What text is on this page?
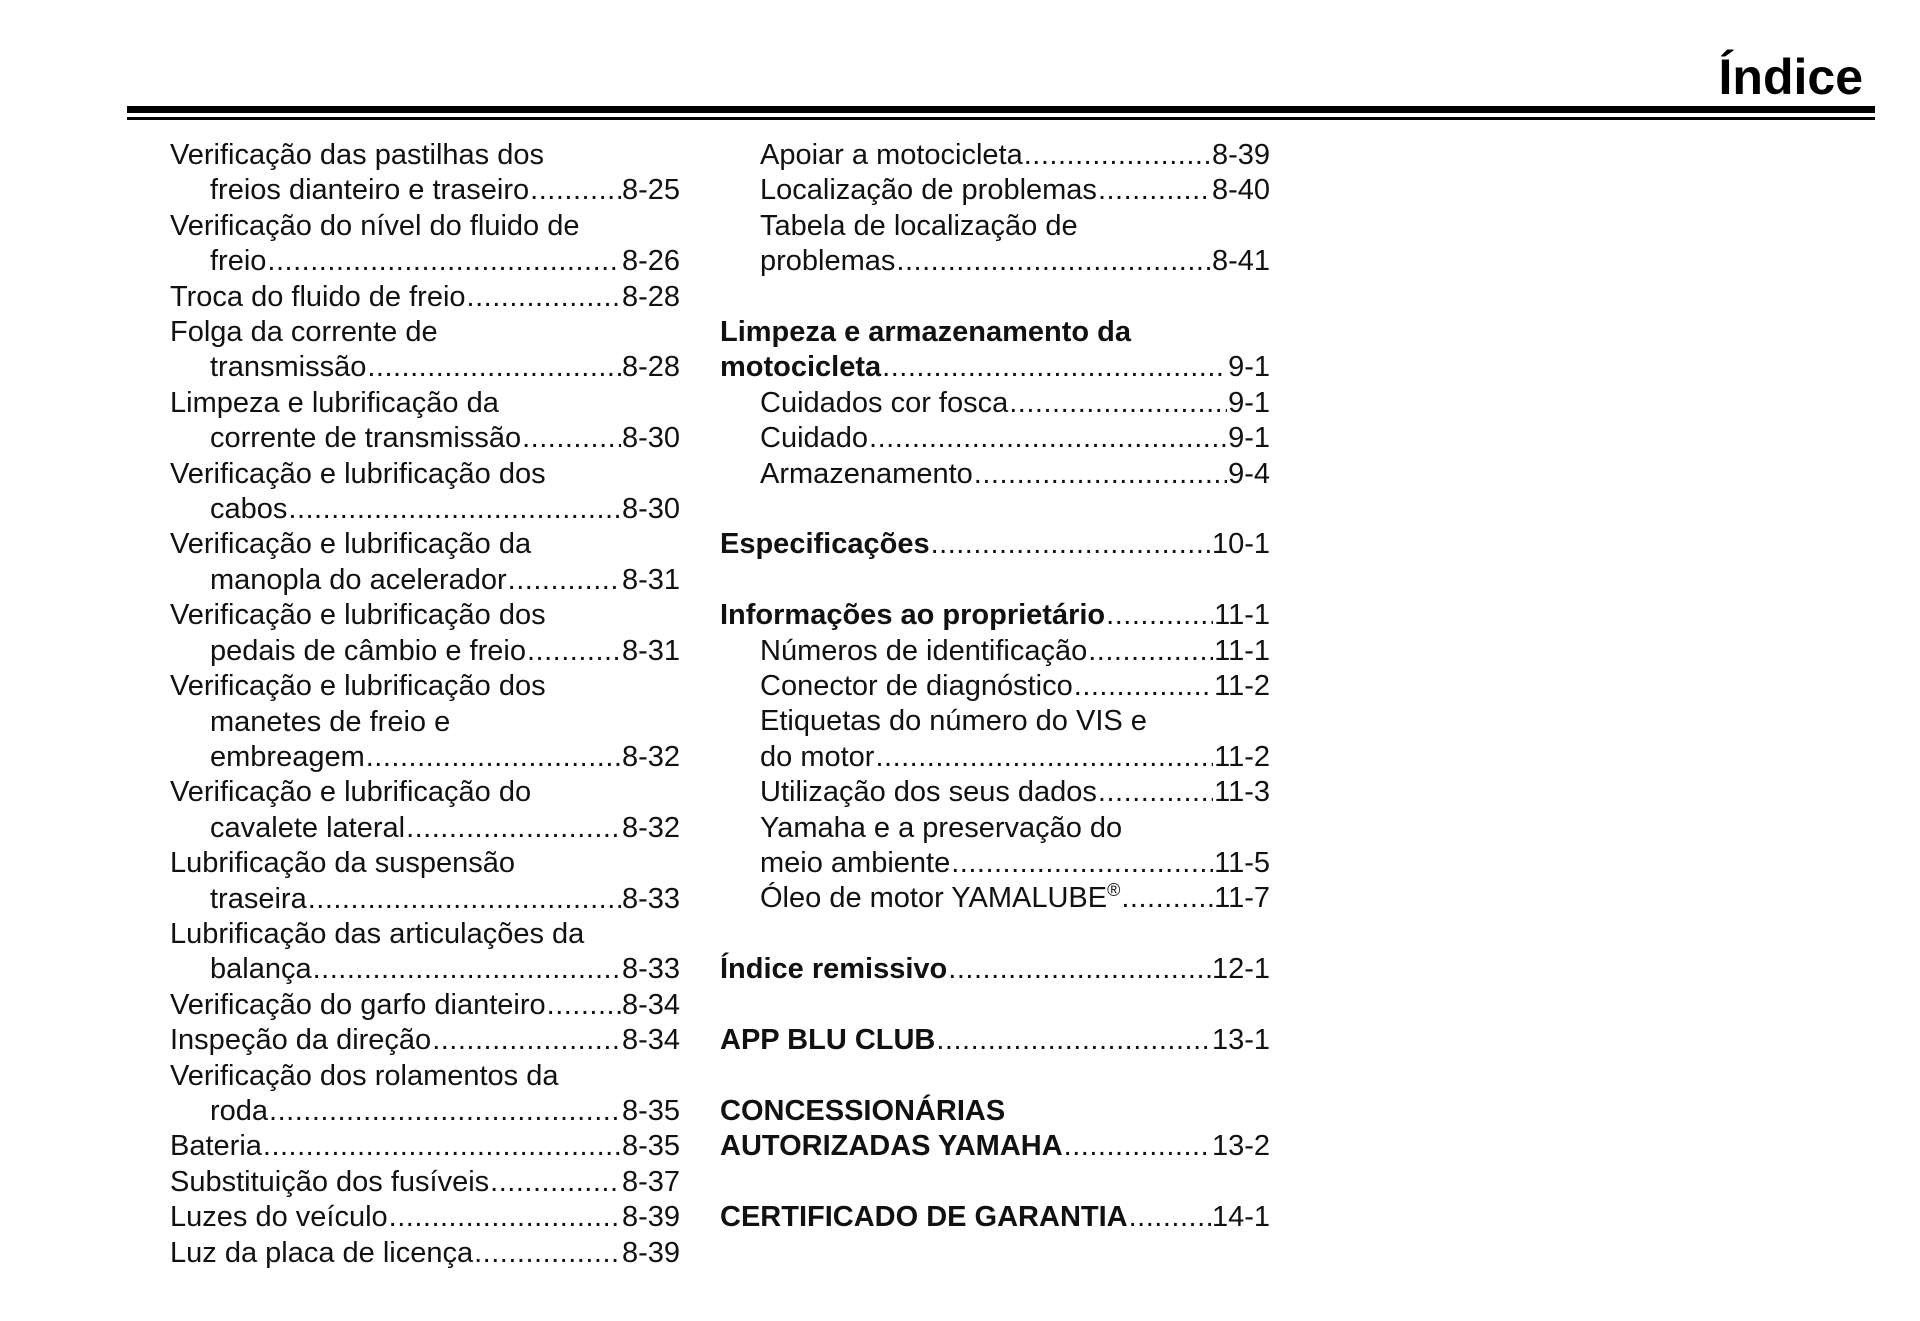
Índice
Verificação das pastilhas dos
freios dianteiro e traseiro .....	8-25
Verificação do nível do fluido de
freio .....	8-26
Troca do fluido de freio .....	8-28
Folga da corrente de
transmissão .....	8-28
Limpeza e lubrificação da
corrente de transmissão .....	8-30
Verificação e lubrificação dos
cabos .....	8-30
Verificação e lubrificação da
manopla do acelerador .....	8-31
Verificação e lubrificação dos
pedais de câmbio e freio .....	8-31
Verificação e lubrificação dos
manetes de freio e
embreagem .....	8-32
Verificação e lubrificação do
cavalete lateral .....	8-32
Lubrificação da suspensão
traseira .....	8-33
Lubrificação das articulações da
balança .....	8-33
Verificação do garfo dianteiro .....	8-34
Inspeção da direção .....	8-34
Verificação dos rolamentos da
roda .....	8-35
Bateria .....	8-35
Substituição dos fusíveis .....	8-37
Luzes do veículo .....	8-39
Luz da placa de licença .....	8-39
Apoiar a motocicleta .....	8-39
Localização de problemas .....	8-40
Tabela de localização de
problemas .....	8-41
Limpeza e armazenamento da
motocicleta .....	9-1
Cuidados cor fosca .....	9-1
Cuidado .....	9-1
Armazenamento .....	9-4
Especificações .....	10-1
Informações ao proprietário .....	11-1
Números de identificação .....	11-1
Conector de diagnóstico .....	11-2
Etiquetas do número do VIS e
do motor .....	11-2
Utilização dos seus dados .....	11-3
Yamaha e a preservação do
meio ambiente .....	11-5
Óleo de motor YAMALUBE® .....	11-7
Índice remissivo .....	12-1
APP BLU CLUB .....	13-1
CONCESSIONÁRIAS
AUTORIZADAS YAMAHA .....	13-2
CERTIFICADO DE GARANTIA .....	14-1
